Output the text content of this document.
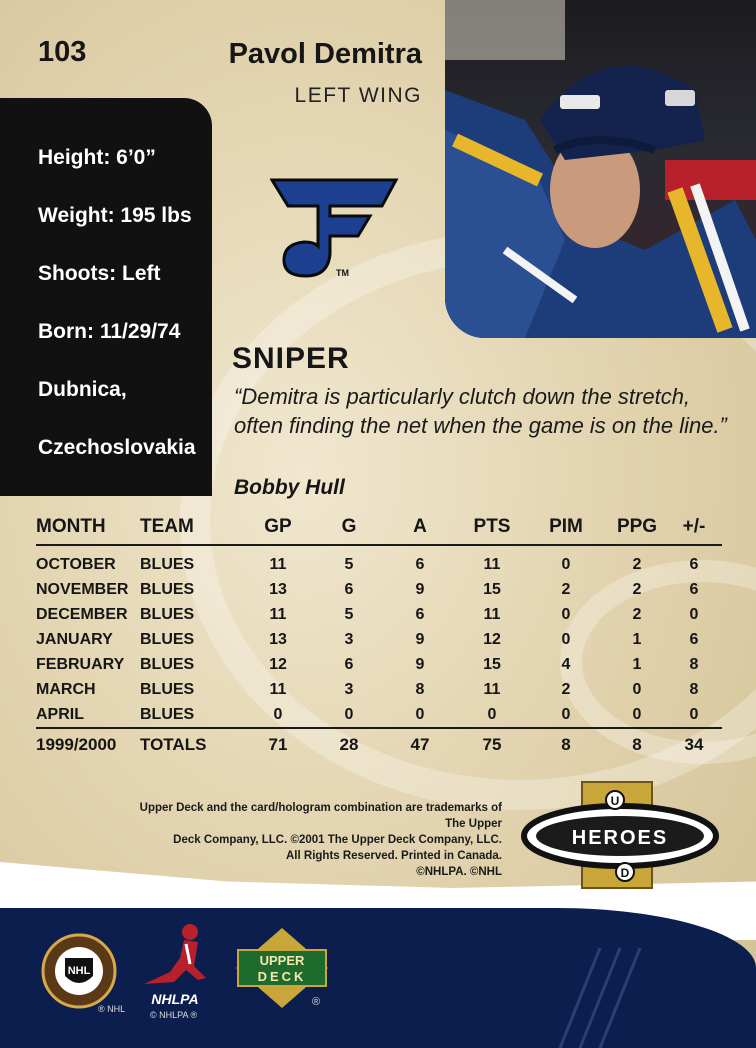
103	Pavol Demitra
LEFT WING
Height: 6’0”
Weight: 195 lbs
Shoots: Left
Born: 11/29/74
Dubnica,
Czechoslovakia
TM
SNIPER
“Demitra is particularly clutch down the stretch, often finding the net when the game is on the line.”
Bobby Hull
MONTH	TEAM	GP	G	A	PTS	PIM	PPG	+/-
OCTOBER	BLUES	11	5	6	11	0	2	6
NOVEMBER	BLUES	13	6	9	15	2	2	6
DECEMBER	BLUES	11	5	6	11	0	2	0
JANUARY	BLUES	13	3	9	12	0	1	6
FEBRUARY	BLUES	12	6	9	15	4	1	8
MARCH	BLUES	11	3	8	11	2	0	8
APRIL	BLUES	0	0	0	0	0	0	0
1999/2000	TOTALS	71	28	47	75	8	8	34
Upper Deck and the card/hologram combination are trademarks of The Upper
Deck Company, LLC. ©2001 The Upper Deck Company, LLC.
All Rights Reserved. Printed in Canada.
©NHLPA. ©NHL
HEROES
U
D
NHL
® NHL
NHLPA
© NHLPA ®
UPPER
DECK
®
